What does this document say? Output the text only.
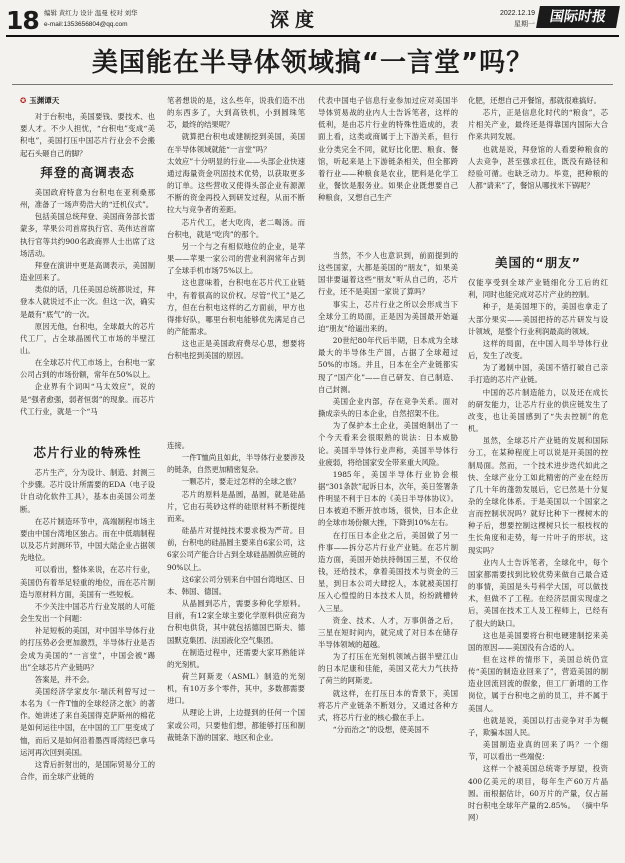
18 编辑 黄红力 设计 温曼 校对 刘华
e-mail:1353656804@qq.com	深度	2022.12.19
星期一 国际时报
美国能在半导体领域搞“一言堂”吗？
✪ 玉渊谭天

对于台积电，美国要钱、要技术、也要人才。不少人担忧，“台积电”变成“美积电”，美国打压中国芯片行业会不会搬起石头砸自己的脚？

拜登的高调表态

美国政府特意为台积电在亚利桑那州，准备了一场声势浩大的“迁机仪式”。

包括美国总统拜登、美国商务部长雷蒙多，苹果公司首席执行官、英伟达首席执行官等共约900名政商界人士出席了这场活动。

拜登在演讲中更是高调表示，美国制造业回来了。

类似的话，几任美国总统都说过，拜登本人就说过不止一次。但这一次，确实是最有“底气”的一次。

原因无他，台积电，全球最大的芯片代工厂，占全球晶圆代工市场的半壁江山。

在全球芯片代工市场上，台积电一家公司占到的市场份额，常年在50%以上。

企业界有个词叫“马太效应”，说的是“强者愈强，弱者恒弱”的现象。而芯片代工行业，就是一个“马

笔者想说的是，这么些年，说我们造不出的东西多了，大到高铁机，小到圆珠笔芯，最终的结果呢？

就算把台积电或建制挖到美国，美国在半导体领域就能“一言堂”吗？

太效应”十分明显的行业——头部企业快速通过海量资金巩固技术优势，以获取更多的订单。这些营收又使得头部企业有源源不断的资金再投入到研发过程，从而不断拉大与竞争者的差距。

芯片代工，老大吃肉，老二喝汤。而台积电，就是“吃肉”的那个。

另一个与之有相似地位的企业，是苹果——苹果一家公司的营业利润常年占到了全球手机市场75%以上。

这也意味着，台积电在芯片代工业链中，有着很高的议价权。尽管“代工”是乙方，但在台积电这样的乙方面前，甲方也得排好队，哪里台积电能够优先满足自己的产能需求。

这也正是美国政府费尽心思，想要将台积电挖到美国的原因。

代表中国电子信息行业参加过应对美国半导体贸易战的业内人士告诉笔者，这样的低利，是由芯片行业的特殊性造成的，表面上看，这类或商属于上下游关系，但行业分类完全不同，就好比化肥、粮食、餐馆，听起来是上下游链条相关，但全都跨着行业——种粮食是农业，肥料是化学工业，餐饮是服务业。如果企业既想要自己种粮食，又想自己生产

化肥，还想自己开餐馆，那就很难搞好。

芯片，正是信息化时代的“粮食”，芯片相关产业，最终还是得靠国内国际大合作来共同发展。

也就是说，拜登馆的人看要种粮食的人去竞争，甚至强求扛住，既没有路径和经验可循。也缺乏动力。毕竟，把种粮的人都“请来”了，餐馆从哪找米下锅呢？

芯片行业的特殊性

芯片生产，分为设计、制造、封测三个步骤。芯片设计所需要的EDA（电子设计自动化软件工具），基本由美国公司垄断。

在芯片制造环节中，高端制程市场主要由中国台湾地区独占。而在中低端制程以及芯片封测环节，中国大陆企业占据领先地位。

可以看出，整体来说，在芯片行业，美国仍有着举足轻重的地位，而在芯片制造与原材料方面，美国有一些短板。

不少关注中国芯片行业发展的人可能会生发出一个问题：

补足短板的美国，对中国半导体行业的打压势必会更加激烈，半导体行业是否会成为美国的“一言堂”，中国会被“踢出”全球芯片产业链吗？

答案是，并不会。

美国经济学家皮尔·瑞沃利曾写过一本名为《一件T恤的全球经济之旅》的著作。她讲述了来自美国得克萨斯州的棉花是如何运往中国，在中国的工厂里变成了恤，而后又是如何沿着墨西哥湾经巴拿马运河再次回到美国。

这背后折射出的，是国际贸易分工的合作，而全球产业链的

连接。

一件T恤尚且如此，半导体行业要涉及的链条，自然更加精密复杂。

一颗芯片，要走过怎样的全球之旅？

芯片的原料是晶圆，晶圆，就是硅晶片，它由石英砂这样的硅原材料不断提纯而来。

硅晶片对提纯技术要求极为严苛。目前，台积电的硅晶圆主要来自6家公司，这6家公司产能合计占到全球硅晶圆供应链的90%以上。

这6家公司分别来自中国台湾地区、日本、韩国、德国。

从晶圆到芯片，需要多种化学原料。目前，有12家全球主要化学原料供应商为台积电供货，其中就包括德国巴斯夫、德国默克集团、法国液化空气集团。

在制造过程中，还需要大家耳熟能详的光刻机。

荷兰阿斯麦（ASML）制造的光刻机，有10万多个零件，其中，多数都需要进口。

从理论上讲，上边提到的任何一个国家或公司，只要他们想，都能够打压和制裁链条下游的国家、地区和企业。

当然，不少人也意识到，前面提到的这些国家，大都是美国的“朋友”，如果美国非要逼着这些“朋友”听从自己的，芯片行业，还不是美国一家说了算吗？

事实上，芯片行业之所以会形成当下全球分工的局面，正是因为美国最开始逼迫“朋友”给逼出来的。

20世纪80年代后半期，日本成为全球最大的半导体生产国，占据了全球超过50%的市场。并且，日本在全产业链都实现了“国产化”——自己研发、自己制造、自己封测。

美国企业内部，存在竞争关系。面对撕成亲头的日本企业，自然招架不住。

为了保护本土企业，美国炮制出了一个今天看来会很眼熟的说法：日本威胁论。美国半导体行业声称，美国半导体行业疲弱，将给国家安全带来重大风险。

1985年，美国半导体行业协会根据“301条款”起诉日本，次年，美日签署条件明显不利于日本的《美日半导体协议》。日本被迫不断开放市场，很快，日本企业的全球市场份额大挫，下降到10%左右。

在打压日本企业之后，美国做了另一件事——拆分芯片行业产业链。在芯片制造方面，美国开始扶持韩国三星，不仅给钱，还给技术，拿着美国技术与资金的三星，到日本公司大肆挖人，本就被美国打压入心惶惶的日本技术人员，纷纷跳槽转入三星。

资金、技术、人才，万事俱备之后，三星在短时间内，就完成了对日本在储存半导体领域的超越。

为了打压在光刻机领域占据半壁江山的日本尼康和佳能，美国又花大力气扶持了荷兰的阿斯麦。

就这样，在打压日本的背景下，美国将芯片产业链条不断划分，又通过各种方式，将芯片行业的核心撒在手上。

“分而治之”的设想，使美国不

美国的“朋友”

仅能享受到全球产业链细化分工后的红利，同时也能完成对芯片产业的控制。

种子，是美国埋下的，美国也拿走了大部分果实——美国把持的芯片研发与设计领域，是整个行业利润最高的领域。

这样的局面，在中国入局半导体行业后，发生了改变。

为了遏制中国，美国不惜打破自己亲手打造的芯片产业链。

中国的芯片制造能力，以及还在成长的研发能力，让芯片行业的供应链发生了改变，也让美国感到了“失去控制”的危机。

虽然，全球芯片产业链的发展和国际分工，在某种程度上可以说是开美国的控制局面。然而，一个技术进步迭代如此之快、全球产业分工如此精密的产业在经历了几十年的蓬勃发展后，它已然是十分复杂的全球化体系。于是美国以一个国家之言而控制状况吗？就好比种下一棵树木的种子后，想要控制这棵树只长一根枝杈的生长角度和走势，每一片叶子的形状，这现实吗？

业内人士告诉笔者，全球化中，每个国家都需要找到比较优势来做自己最合适的事情，美国是头号科学大国，可以做技术，但做不了工程。在经济层面实现虚之后，美国在技术工人及工程师上，已经有了很大的缺口。

这也是美国要将台积电硬建制挖来美国的原因——美国没有合适的人。

但在这样的情形下，美国总统仍宣传“美国的制造业回来了”，营造美国的制造业回流回流的假象，但工厂新增的工作岗位，属于台积电之前的员工，并不属于美国人。

也就是说，美国以打击竞争对手为幌子，欺骗本国人民。

美国制造业真的回来了吗？一个细节，可以看出一些端倪：

这样一个被美国总统寄予厚望，投资400亿美元的项目，每年生产60万片晶圆。而根据估计，60万片的产量，仅占届时台积电全球年产量的2.85%。 （摘中华网）
